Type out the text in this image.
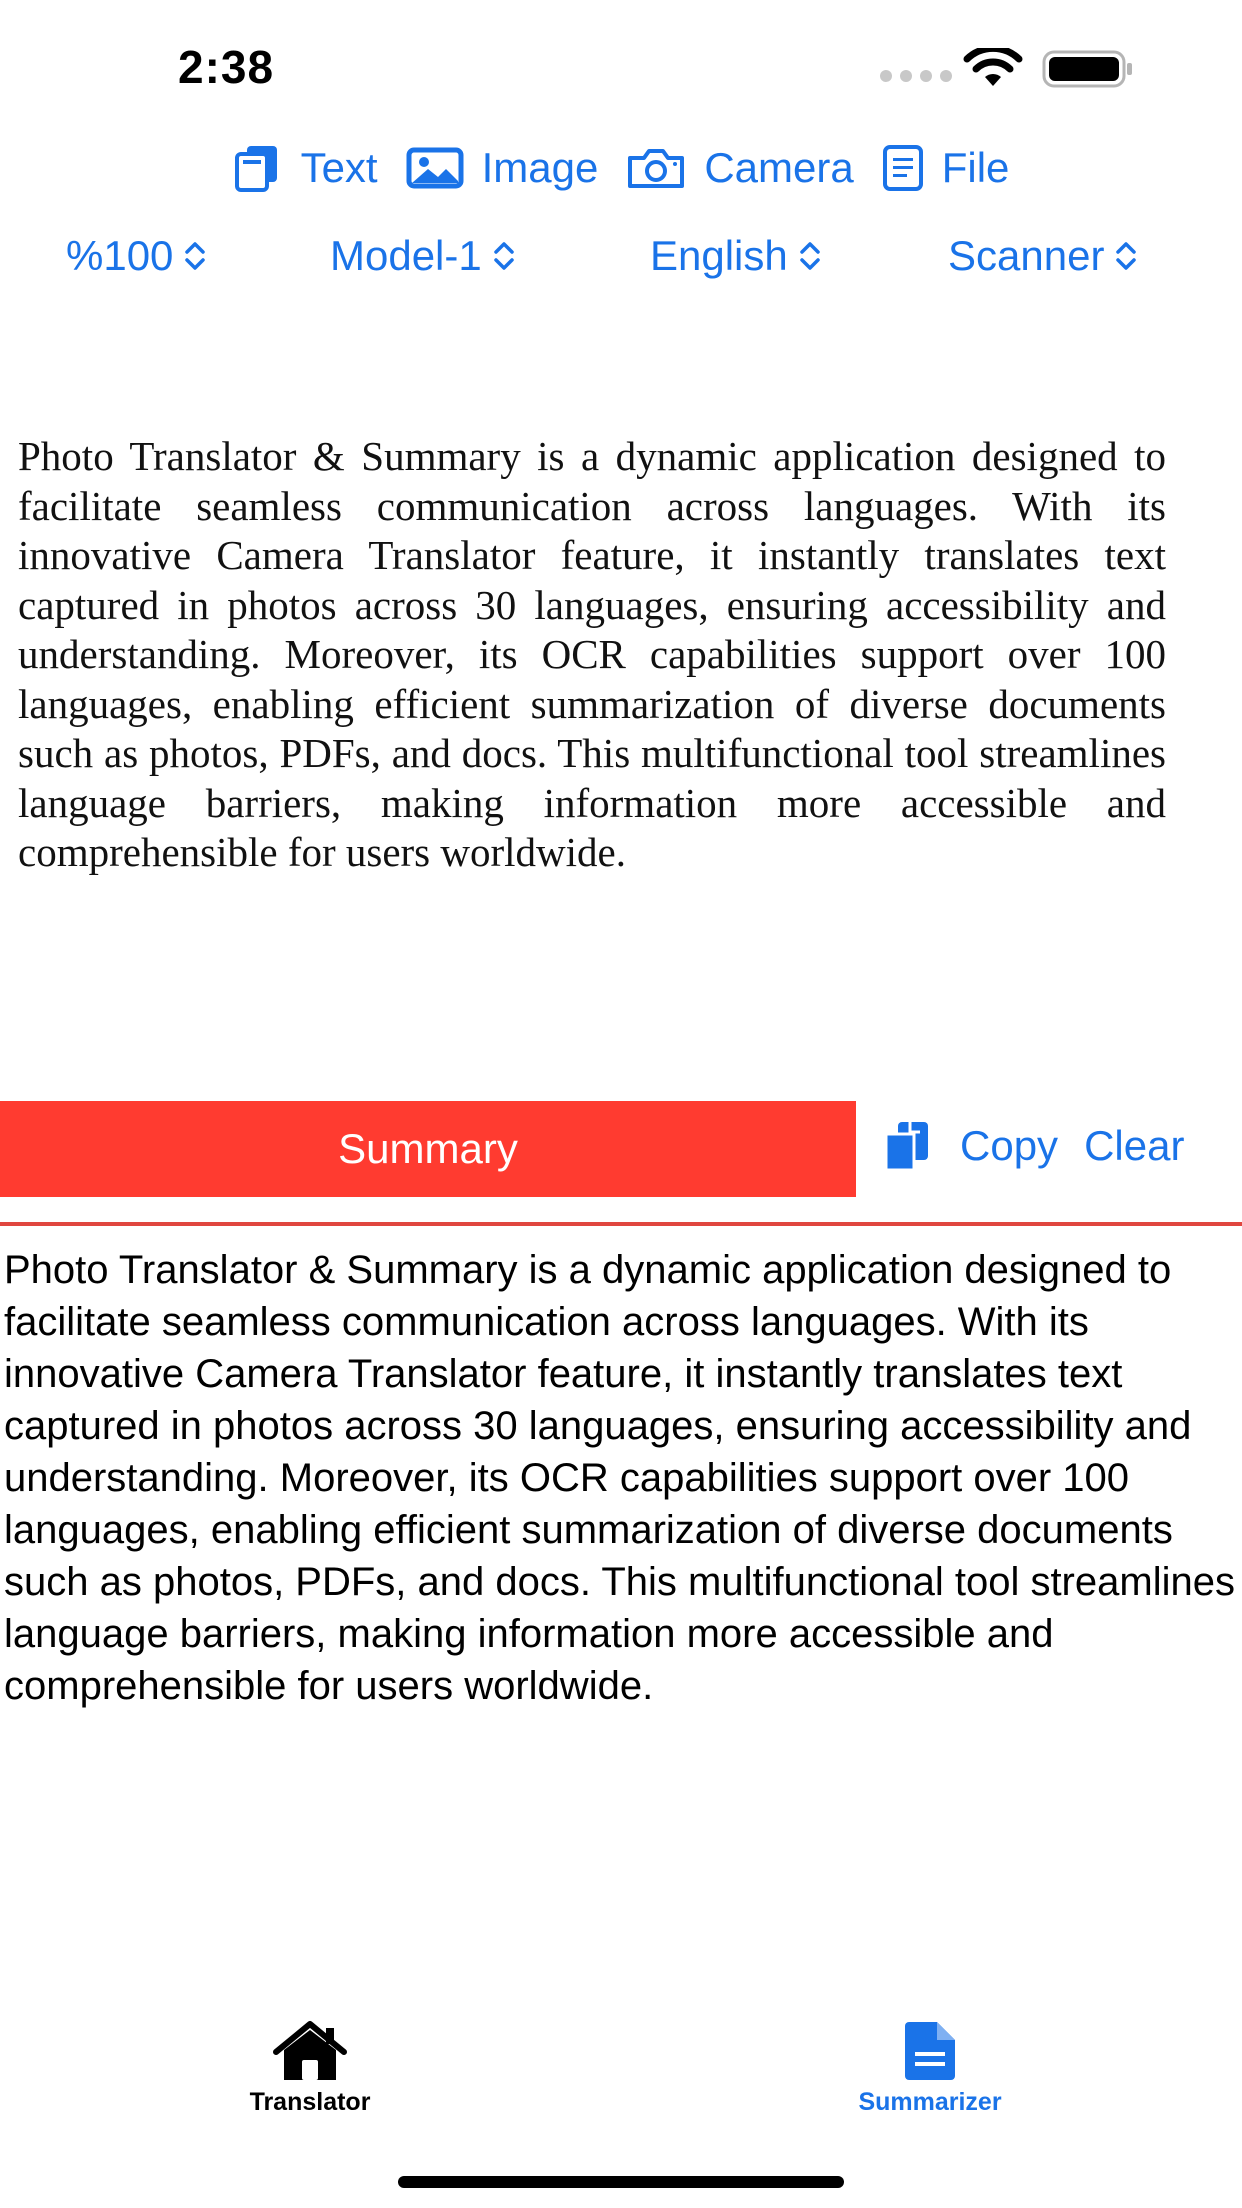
2:38
Text Image	Camera File
%100	Model-1	English	Scanner
Photo Translator & Summary is a dynamic application designed to facilitate seamless communication across languages. With its innovative Camera Translator feature, it instantly translates text captured in photos across 30 languages, ensuring accessibility and understanding. Moreover, its OCR capabilities support over 100 languages, enabling efficient summarization of diverse documents such as photos, PDFs, and docs. This multifunctional tool streamlines language barriers, making information more accessible and comprehensible for users worldwide.
Summary	Copy Clear
Photo Translator & Summary is a dynamic application designed to facilitate seamless communication across languages. With its innovative Camera Translator feature, it instantly translates text captured in photos across 30 languages, ensuring accessibility and understanding. Moreover, its OCR capabilities support over 100 languages, enabling efficient summarization of diverse documents such as photos, PDFs, and docs. This multifunctional tool streamlines language barriers, making information more accessible and comprehensible for users worldwide.
Translator	Summarizer
